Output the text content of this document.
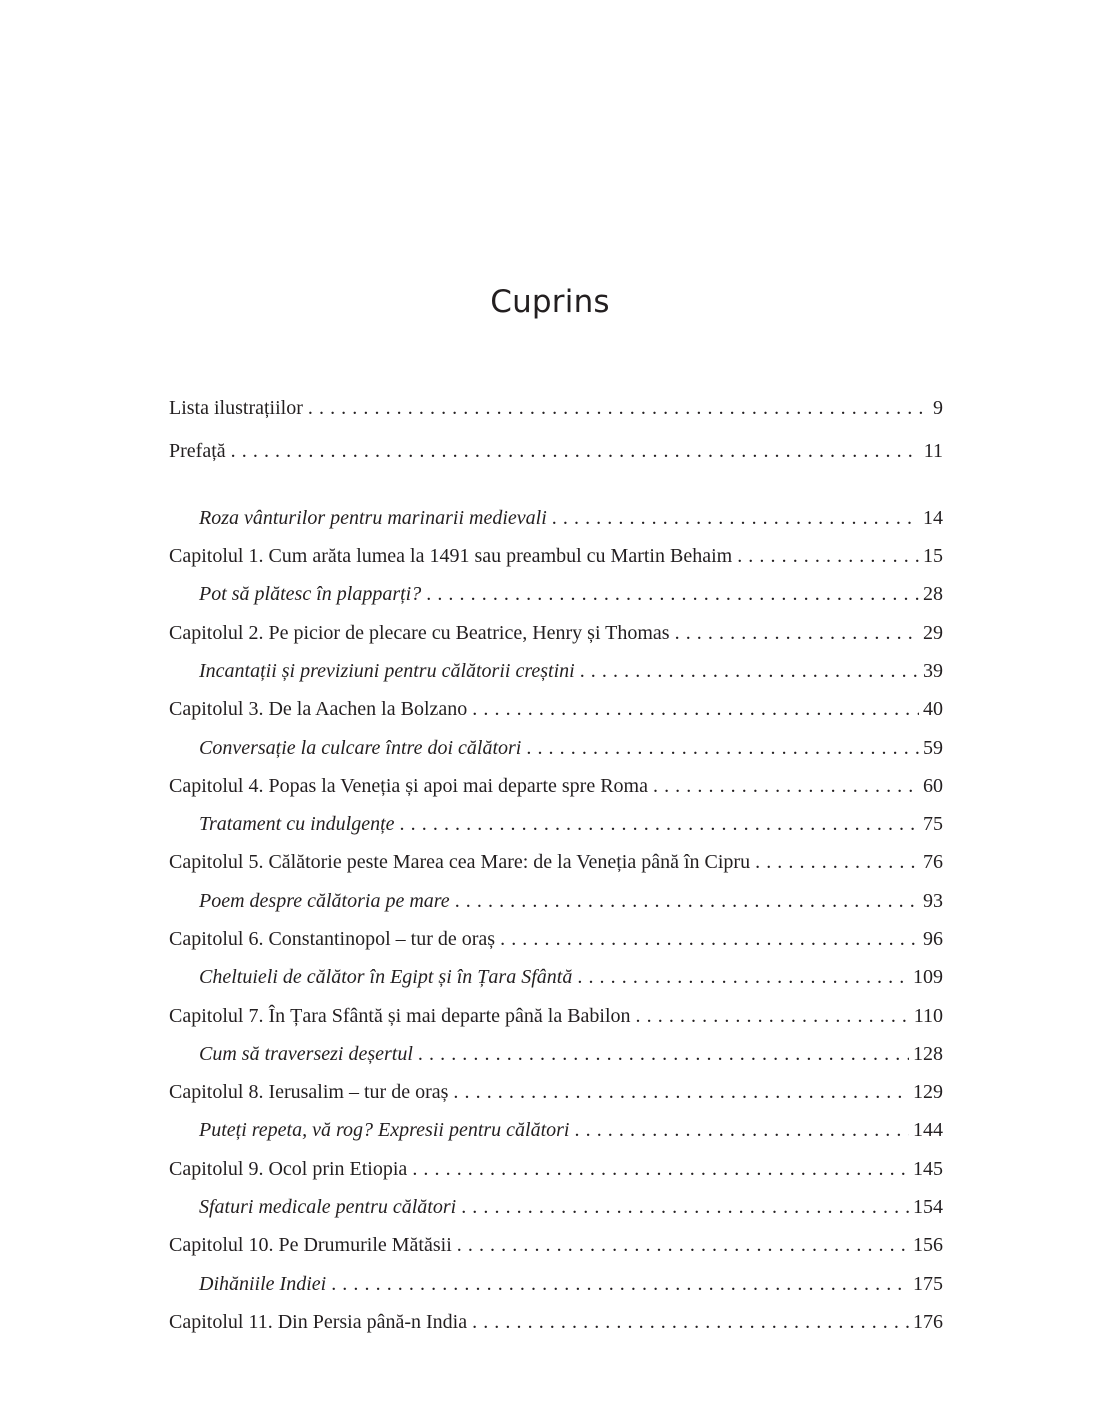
Cuprins
Lista ilustrațiilor . . .	9
Prefață . . .	11
Roza vânturilor pentru marinarii medievali . . .	14
Capitolul 1. Cum arăta lumea la 1491 sau preambul cu Martin Behaim . . .	15
Pot să plătesc în plapparți? . . .	28
Capitolul 2. Pe picior de plecare cu Beatrice, Henry și Thomas . . .	29
Incantații și previziuni pentru călătorii creștini . . .	39
Capitolul 3. De la Aachen la Bolzano . . .	40
Conversație la culcare între doi călători . . .	59
Capitolul 4. Popas la Veneția și apoi mai departe spre Roma . . .	60
Tratament cu indulgențe . . .	75
Capitolul 5. Călătorie peste Marea cea Mare: de la Veneția până în Cipru . . .	76
Poem despre călătoria pe mare . . .	93
Capitolul 6. Constantinopol – tur de oraș . . .	96
Cheltuieli de călător în Egipt și în Țara Sfântă . . .	109
Capitolul 7. În Țara Sfântă și mai departe până la Babilon . . .	110
Cum să traversezi deșertul . . .	128
Capitolul 8. Ierusalim – tur de oraș . . .	129
Puteți repeta, vă rog? Expresii pentru călători . . .	144
Capitolul 9. Ocol prin Etiopia . . .	145
Sfaturi medicale pentru călători . . .	154
Capitolul 10. Pe Drumurile Mătăsii . . .	156
Dihăniile Indiei . . .	175
Capitolul 11. Din Persia până-n India . . .	176
